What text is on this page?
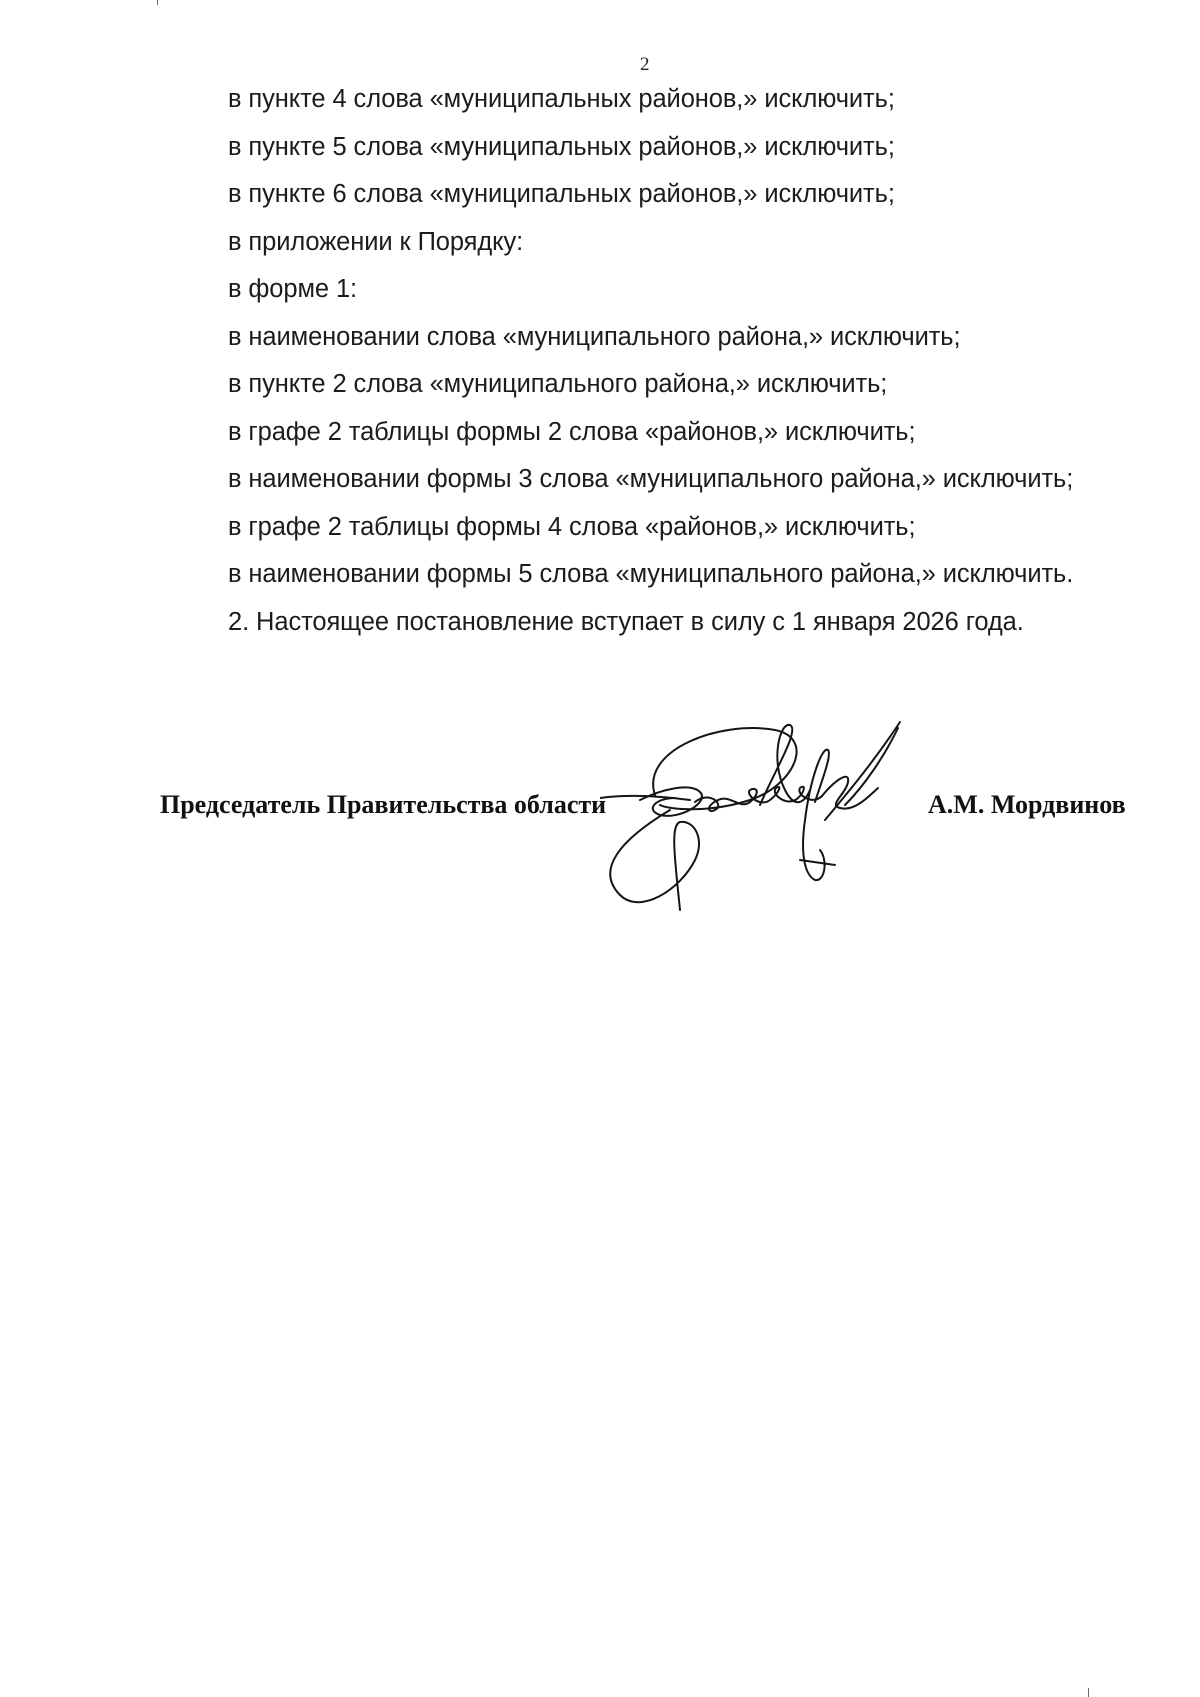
2
в пункте 4 слова «муниципальных районов,» исключить;
в пункте 5 слова «муниципальных районов,» исключить;
в пункте 6 слова «муниципальных районов,» исключить;
в приложении к Порядку:
в форме 1:
в наименовании слова «муниципального района,» исключить;
в пункте 2 слова «муниципального района,» исключить;
в графе 2 таблицы формы 2 слова «районов,» исключить;
в наименовании формы 3 слова «муниципального района,» исключить;
в графе 2 таблицы формы 4 слова «районов,» исключить;
в наименовании формы 5 слова «муниципального района,» исключить.
2. Настоящее постановление вступает в силу с 1 января 2026 года.
Председатель Правительства области	А.М. Мордвинов
